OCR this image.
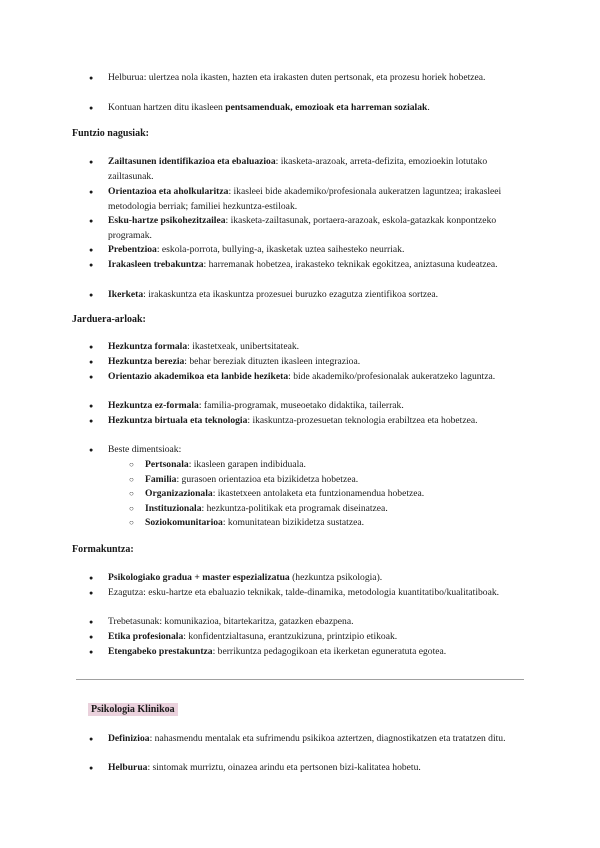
● Helburua: ulertzea nola ikasten, hazten eta irakasten duten pertsonak, eta prozesu horiek hobetzea.
● Kontuan hartzen ditu ikasleen pentsamenduak, emozioak eta harreman sozialak.
Funtzio nagusiak:
● Zailtasunen identifikazioa eta ebaluazioa: ikasketa-arazoak, arreta-defizita, emozioekin lotutako zailtasunak.
● Orientazioa eta aholkularitza: ikasleei bide akademiko/profesionala aukeratzen laguntzea; irakasleei metodologia berriak; familiei hezkuntza-estiloak.
● Esku-hartze psikohezitzailea: ikasketa-zailtasunak, portaera-arazoak, eskola-gatazkak konpontzeko programak.
● Prebentzioa: eskola-porrota, bullying-a, ikasketak uztea saihesteko neurriak.
● Irakasleen trebakuntza: harremanak hobetzea, irakasteko teknikak egokitzea, aniztasuna kudeatzea.
● Ikerketa: irakaskuntza eta ikaskuntza prozesuei buruzko ezagutza zientifikoa sortzea.
Jarduera-arloak:
● Hezkuntza formala: ikastetxeak, unibertsitateak.
● Hezkuntza berezia: behar bereziak dituzten ikasleen integrazioa.
● Orientazio akademikoa eta lanbide heziketa: bide akademiko/profesionalak aukeratzeko laguntza.
● Hezkuntza ez-formala: familia-programak, museoetako didaktika, tailerrak.
● Hezkuntza birtuala eta teknologia: ikaskuntza-prozesuetan teknologia erabiltzea eta hobetzea.
● Beste dimentsioak:
○ Pertsonala: ikasleen garapen indibiduala.
○ Familia: gurasoen orientazioa eta bizikidetza hobetzea.
○ Organizazionala: ikastetxeen antolaketa eta funtzionamendua hobetzea.
○ Instituzionala: hezkuntza-politikak eta programak diseinatzea.
○ Soziokomunitarioa: komunitatean bizikidetza sustatzea.
Formakuntza:
● Psikologiako gradua + master espezializatua (hezkuntza psikologia).
● Ezagutza: esku-hartze eta ebaluazio teknikak, talde-dinamika, metodologia kuantitatibo/kualitatiboak.
● Trebetasunak: komunikazioa, bitartekaritza, gatazken ebazpena.
● Etika profesionala: konfidentzialtasuna, erantzukizuna, printzipio etikoak.
● Etengabeko prestakuntza: berrikuntza pedagogikoan eta ikerketan eguneratuta egotea.
Psikologia Klinikoa
● Definizioa: nahasmendu mentalak eta sufrimendu psikikoa aztertzen, diagnostikatzen eta tratatzen ditu.
● Helburua: sintomak murriztu, oinazea arindu eta pertsonen bizi-kalitatea hobetu.
